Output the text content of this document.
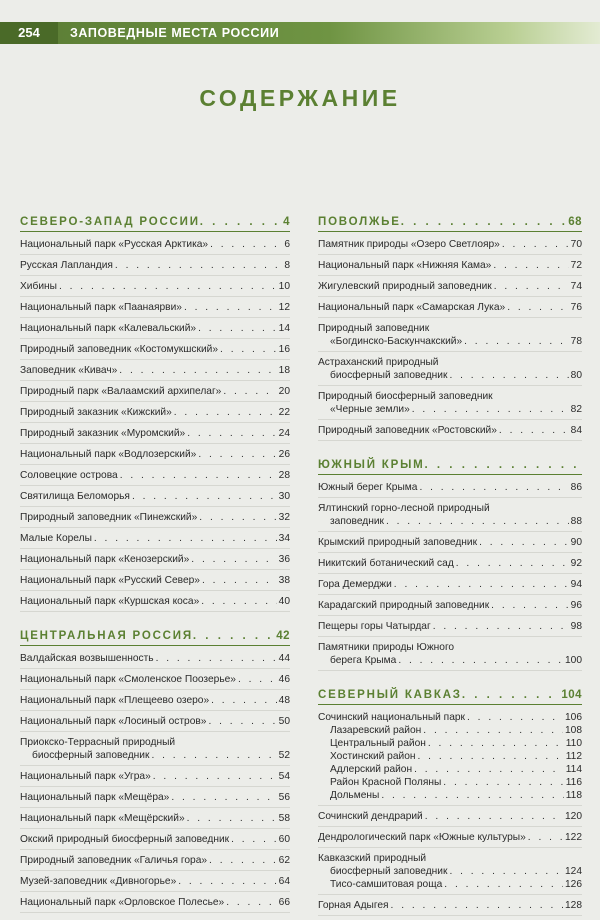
254	ЗАПОВЕДНЫЕ МЕСТА РОССИИ
СОДЕРЖАНИЕ
СЕВЕРО-ЗАПАД РОССИИ . . .	4
Национальный парк «Русская Арктика» . . .	6
Русская Лапландия . . .	8
Хибины . . .	10
Национальный парк «Паанаярви» . . .	12
Национальный парк «Калевальский» . . .	14
Природный заповедник «Костомукшский» . . .	16
Заповедник «Кивач» . . .	18
Природный парк «Валаамский архипелаг» . . .	20
Природный заказник «Кижский» . . .	22
Природный заказник «Муромский» . . .	24
Национальный парк «Водлозерский» . . .	26
Соловецкие острова . . .	28
Святилища Беломорья . . .	30
Природный заповедник «Пинежский» . . .	32
Малые Корелы . . .	34
Национальный парк «Кенозерский» . . .	36
Национальный парк «Русский Север» . . .	38
Национальный парк «Куршская коса» . . .	40
ЦЕНТРАЛЬНАЯ РОССИЯ . . .	42
Валдайская возвышенность . . .	44
Национальный парк «Смоленское Поозерье» . . .	46
Национальный парк «Плещеево озеро» . . .	48
Национальный парк «Лосиный остров» . . .	50
Приокско-Террасный природный
биосферный заповедник . . .	52
Национальный парк «Угра» . . .	54
Национальный парк «Мещёра» . . .	56
Национальный парк «Мещёрский» . . .	58
Окский природный биосферный заповедник . . .	60
Природный заповедник «Галичья гора» . . .	62
Музей-заповедник «Дивногорье» . . .	64
Национальный парк «Орловское Полесье» . . .	66
ПОВОЛЖЬЕ . . .	68
Памятник природы «Озеро Светлояр» . . .	70
Национальный парк «Нижняя Кама» . . .	72
Жигулевский природный заповедник . . .	74
Национальный парк «Самарская Лука» . . .	76
Природный заповедник
«Богдинско-Баскунчакский» . . .	78
Астраханский природный
биосферный заповедник . . .	80
Природный биосферный заповедник
«Черные земли» . . .	82
Природный заповедник «Ростовский» . . .	84
ЮЖНЫЙ КРЫМ
. . .
Южный берег Крыма . . .	86
Ялтинский горно-лесной природный
заповедник . . .	88
Крымский природный заповедник . . .	90
Никитский ботанический сад . . .	92
Гора Демерджи . . .	94
Карадагский природный заповедник . . .	96
Пещеры горы Чатырдаг . . .	98
Памятники природы Южного
берега Крыма . . .	100
СЕВЕРНЫЙ КАВКАЗ . . .	104
Сочинский национальный парк . . .	106
Лазаревский район . . .	108
Центральный район . . .	110
Хостинский район . . .	112
Адлерский район . . .	114
Район Красной Поляны . . .	116
Дольмены . . .	118
Сочинский дендрарий . . .	120
Дендрологический парк «Южные культуры» . . .	122
Кавказский природный
биосферный заповедник . . .	124
Тисо-самшитовая роща . . .	126
Горная Адыгея . . .	128
